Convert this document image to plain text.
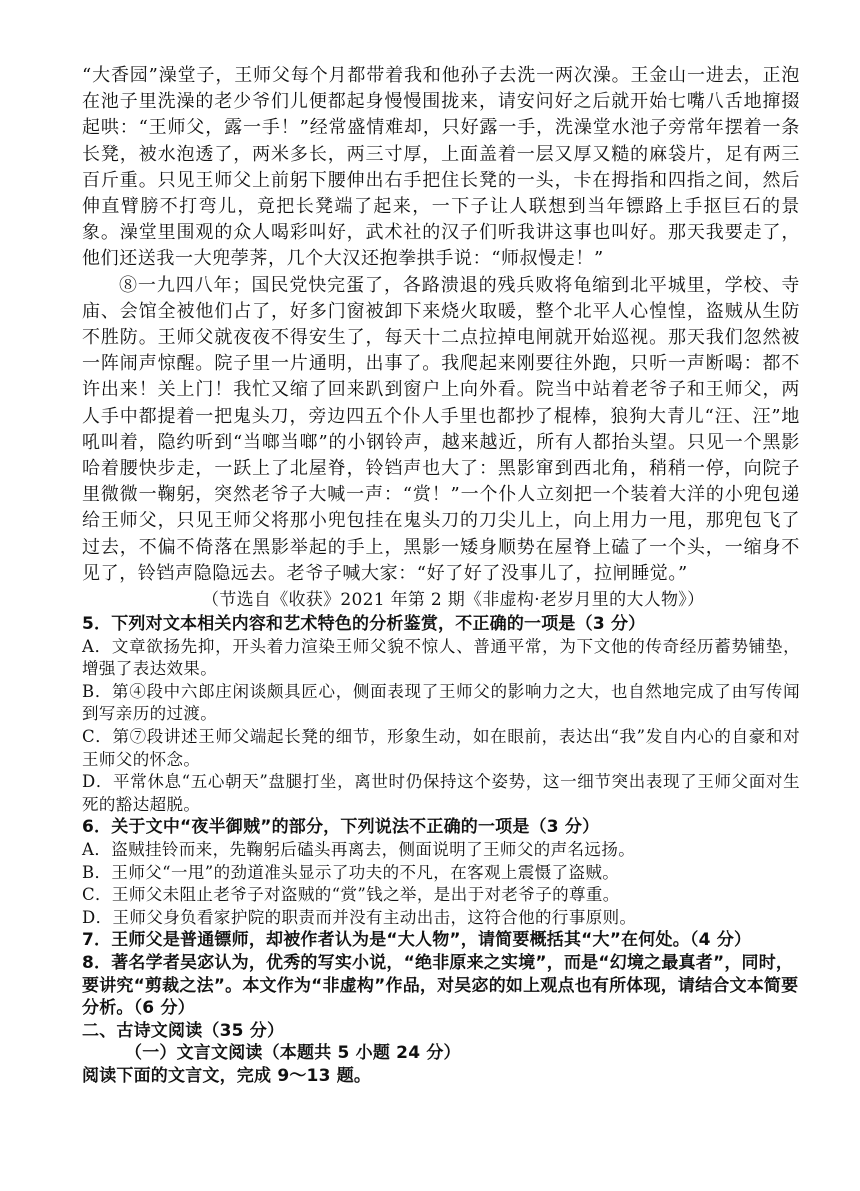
“大香园”澡堂子，王师父每个月都带着我和他孙子去洗一两次澡。王金山一进去，正泡在池子里洗澡的老少爷们儿便都起身慢慢围拢来，请安问好之后就开始七嘴八舌地撺掇起哄：“王师父，露一手！”经常盛情难却，只好露一手，洗澡堂水池子旁常年摆着一条长凳，被水泡透了，两米多长，两三寸厚，上面盖着一层又厚又糙的麻袋片，足有两三百斤重。只见王师父上前躬下腰伸出右手把住长凳的一头，卡在拇指和四指之间，然后伸直臂膀不打弯儿，竟把长凳端了起来，一下子让人联想到当年镖路上手抠巨石的景象。澡堂里围观的众人喝彩叫好，武术社的汉子们听我讲这事也叫好。那天我要走了，他们还送我一大兜荸荠，几个大汉还抱拳拱手说：“师叔慢走！”

⑧一九四八年；国民党快完蛋了，各路溃退的残兵败将龟缩到北平城里，学校、寺庙、会馆全被他们占了，好多门窗被卸下来烧火取暖，整个北平人心惶惶，盗贼从生防不胜防。王师父就夜夜不得安生了，每天十二点拉掉电闸就开始巡视。那天我们忽然被一阵闹声惊醒。院子里一片通明，出事了。我爬起来刚要往外跑，只听一声断喝：都不许出来！关上门！我忙又缩了回来趴到窗户上向外看。院当中站着老爷子和王师父，两人手中都提着一把鬼头刀，旁边四五个仆人手里也都抄了棍棒，狼狗大青儿“汪、汪”地吼叫着，隐约听到“当啷当啷”的小钢铃声，越来越近，所有人都抬头望。只见一个黑影哈着腰快步走，一跃上了北屋脊，铃铛声也大了：黑影窜到西北角，稍稍一停，向院子里微微一鞠躬，突然老爷子大喊一声：“赏！”一个仆人立刻把一个装着大洋的小兜包递给王师父，只见王师父将那小兜包挂在鬼头刀的刀尖儿上，向上用力一甩，那兜包飞了过去，不偏不倚落在黑影举起的手上，黑影一矮身顺势在屋脊上磕了一个头，一缩身不见了，铃铛声隐隐远去。老爷子喊大家：“好了好了没事儿了，拉闸睡觉。”

（节选自《收获》2021 年第 2 期《非虚构·老岁月里的大人物》）

5．下列对文本相关内容和艺术特色的分析鉴赏，不正确的一项是（3 分）

A．文章欲扬先抑，开头着力渲染王师父貌不惊人、普通平常，为下文他的传奇经历蓄势铺垫，增强了表达效果。

B．第④段中六郎庄闲谈颇具匠心，侧面表现了王师父的影响力之大，也自然地完成了由写传闻到写亲历的过渡。

C．第⑦段讲述王师父端起长凳的细节，形象生动，如在眼前，表达出“我”发自内心的自豪和对王师父的怀念。

D．平常休息“五心朝天”盘腿打坐，离世时仍保持这个姿势，这一细节突出表现了王师父面对生死的豁达超脱。

6．关于文中“夜半御贼”的部分，下列说法不正确的一项是（3 分）

A．盗贼挂铃而来，先鞠躬后磕头再离去，侧面说明了王师父的声名远扬。

B．王师父“一甩”的劲道准头显示了功夫的不凡，在客观上震慑了盗贼。

C．王师父未阻止老爷子对盗贼的“赏”钱之举，是出于对老爷子的尊重。

D．王师父身负看家护院的职责而并没有主动出击，这符合他的行事原则。

7．王师父是普通镖师，却被作者认为是“大人物”，请简要概括其“大”在何处。（4 分）

8．著名学者吴宓认为，优秀的写实小说，“绝非原来之实境”，而是“幻境之最真者”，同时，要讲究“剪裁之法”。本文作为“非虚构”作品，对吴宓的如上观点也有所体现，请结合文本简要分析。（6 分）

二、古诗文阅读（35 分）

（一）文言文阅读（本题共 5 小题 24 分）

阅读下面的文言文，完成 9～13 题。
